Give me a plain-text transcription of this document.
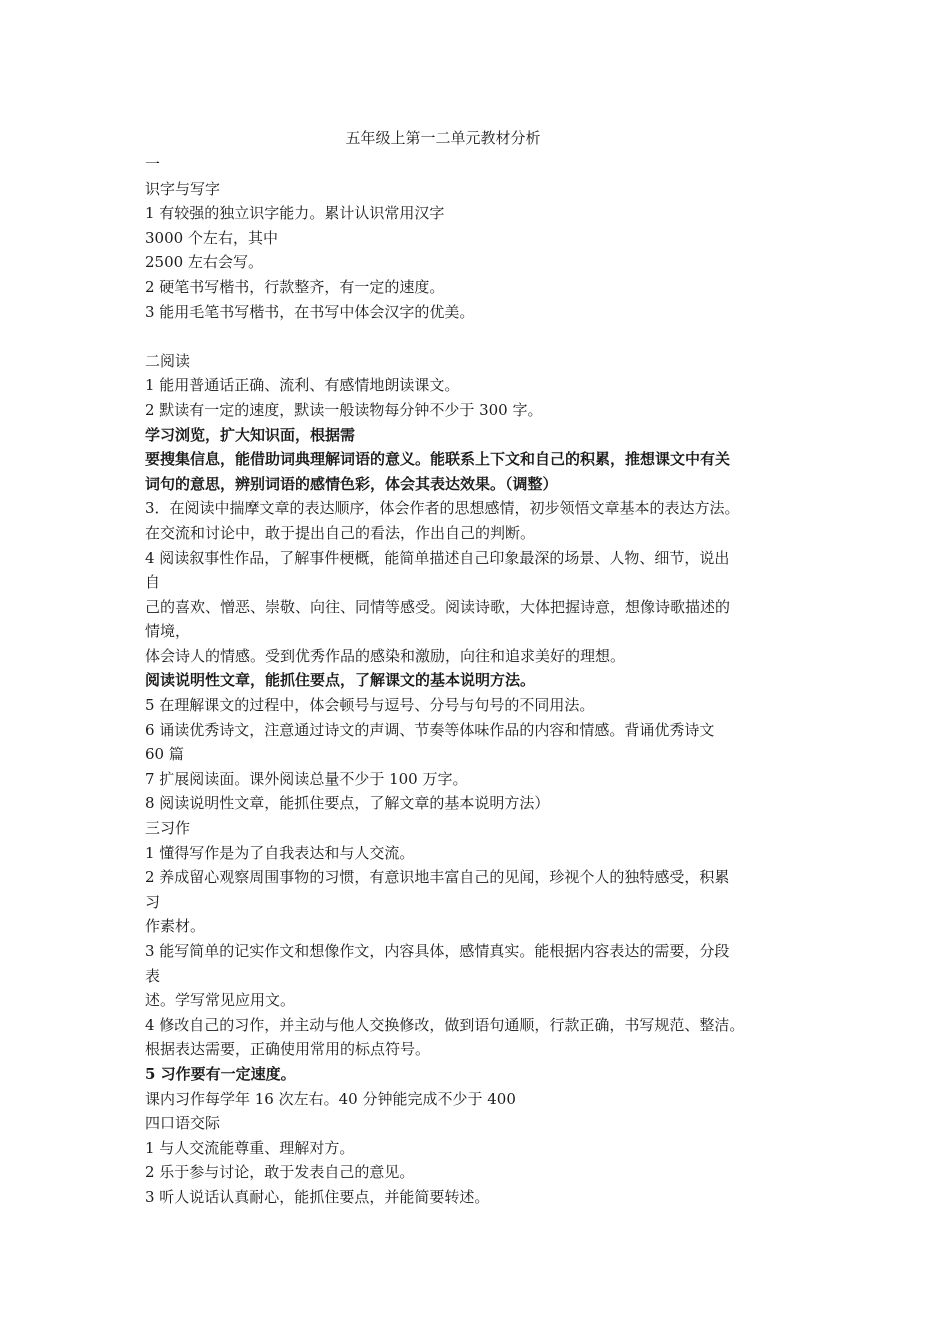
五年级上第一二单元教材分析
一
识字与写字
1 有较强的独立识字能力。累计认识常用汉字
3000 个左右，其中
2500 左右会写。
2 硬笔书写楷书，行款整齐，有一定的速度。
3 能用毛笔书写楷书，在书写中体会汉字的优美。
二阅读
1 能用普通话正确、流利、有感情地朗读课文。
2 默读有一定的速度，默读一般读物每分钟不少于 300 字。
学习浏览，扩大知识面，根据需
要搜集信息，能借助词典理解词语的意义。能联系上下文和自己的积累，推想课文中有关
词句的意思，辨别词语的感情色彩，体会其表达效果。（调整）
3．在阅读中揣摩文章的表达顺序，体会作者的思想感情，初步领悟文章基本的表达方法。
在交流和讨论中，敢于提出自己的看法，作出自己的判断。
4 阅读叙事性作品，了解事件梗概，能简单描述自己印象最深的场景、人物、细节，说出
自
己的喜欢、憎恶、崇敬、向往、同情等感受。阅读诗歌，大体把握诗意，想像诗歌描述的
情境，
体会诗人的情感。受到优秀作品的感染和激励，向往和追求美好的理想。
阅读说明性文章，能抓住要点，了解课文的基本说明方法。
5 在理解课文的过程中，体会顿号与逗号、分号与句号的不同用法。
6 诵读优秀诗文，注意通过诗文的声调、节奏等体味作品的内容和情感。背诵优秀诗文
60 篇
7 扩展阅读面。课外阅读总量不少于 100 万字。
8 阅读说明性文章，能抓住要点，了解文章的基本说明方法）
三习作
1 懂得写作是为了自我表达和与人交流。
2 养成留心观察周围事物的习惯，有意识地丰富自己的见闻，珍视个人的独特感受，积累
习
作素材。
3 能写简单的记实作文和想像作文，内容具体，感情真实。能根据内容表达的需要，分段
表
述。学写常见应用文。
4 修改自己的习作，并主动与他人交换修改，做到语句通顺，行款正确，书写规范、整洁。
根据表达需要，正确使用常用的标点符号。
5 习作要有一定速度。
课内习作每学年 16 次左右。40 分钟能完成不少于 400
四口语交际
1 与人交流能尊重、理解对方。
2 乐于参与讨论，敢于发表自己的意见。
3 听人说话认真耐心，能抓住要点，并能简要转述。
